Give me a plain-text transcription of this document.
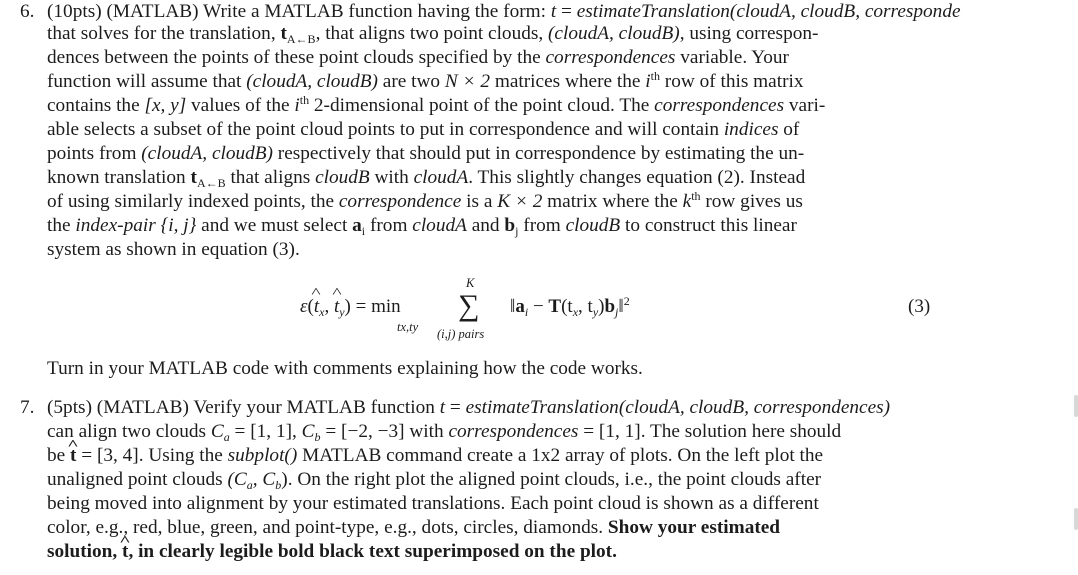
6. (10pts) (MATLAB) Write a MATLAB function having the form: t = estimateTranslation(cloudA, cloudB, corresponde
that solves for the translation, $t_{A\leftarrow B}$, that aligns two point clouds, (cloudA, cloudB), using correspon-
dences between the points of these point clouds specified by the correspondences variable. Your
function will assume that (cloudA, cloudB) are two N × 2 matrices where the $i^{th}$ row of this matrix
contains the [x, y] values of the $i^{th}$ 2-dimensional point of the point cloud. The correspondences vari-
able selects a subset of the point cloud points to put in correspondence and will contain indices of
points from (cloudA, cloudB) respectively that should put in correspondence by estimating the un-
known translation $t_{A\leftarrow B}$ that aligns cloudB with cloudA. This slightly changes equation (2). Instead
of using similarly indexed points, the correspondence is a K × 2 matrix where the $k^{th}$ row gives us
the index-pair {i, j} and we must select $a_i$ from cloudA and $b_j$ from cloudB to construct this linear
system as shown in equation (3).
ε(^ $t_x$, ^ $t_y) = \min$
tx,ty
K
∑
(i,j) pairs
$‖a_i - T(t_x$, $t_y)b_j‖^2$	(3)
Turn in your MATLAB code with comments explaining how the code works.
7. (5pts) (MATLAB) Verify your MATLAB function t = estimateTranslation(cloudA, cloudB, correspondences)
can align two clouds $C_a = [1$, 1], $C_b = [-2$, −3] with correspondences = [1, 1]. The solution here should
be ^ t = [3, 4]. Using the subplot() MATLAB command create a 1x2 array of plots. On the left plot the
unaligned point clouds ($C_a$, $C_b$). On the right plot the aligned point clouds, i.e., the point clouds after
being moved into alignment by your estimated translations. Each point cloud is shown as a different
color, e.g., red, blue, green, and point-type, e.g., dots, circles, diamonds. Show your estimated
solution, ^ t, in clearly legible bold black text superimposed on the plot.
